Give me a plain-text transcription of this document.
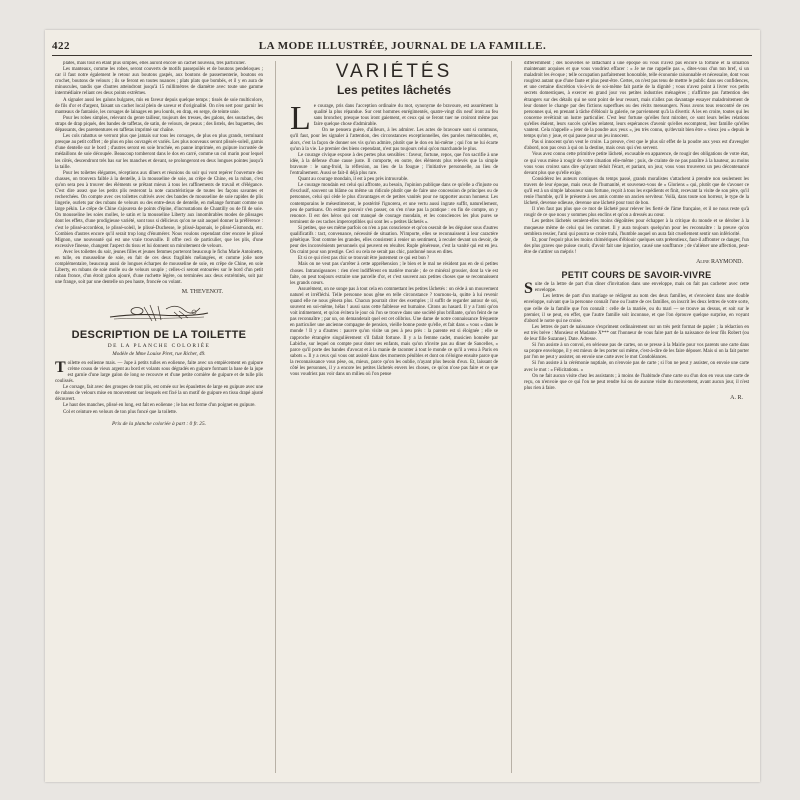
422	LA MODE ILLUSTRÉE, JOURNAL DE LA FAMILLE.

plates, mais tout en étant plus simples, elles auront encore un cachet nouveau, très particulier.

Les manteaux, comme les robes, seront couverts de motifs passepoilés et de boutons pendeloques ; car il faut notre également le retour aux boutons gaspés, aux boutons de passementerie, boutons en crochet, boutons de velours ; ils se feront en toutes nuances ; plats plats que bombés, et il y en aura de minuscules, tandis que d'autres atteindront jusqu'à 15 millimètres de diamètre avec toute une gamme intermédiaire reliant ces deux points extrêmes.

A signaler aussi les galons bulgares, mis en faveur depuis quelque temps ; tissés de soie multicolore, de fils d'or et d'argent, faisant un cachet local plein de saveur et d'originalité. On n'en sert pour garnir les manteaux de fantaisie, les corsages de lainages en peu lourds, en drap, en serge, de teinte unie.

Pour les robes simples, relevant du genre tailleur, toujours des tresses, des galons, des soutaches, des straps de drap piqués, des bandes de taffetas, de satin, de velours, de peaux ; des listels, des baguettes, des dépassants, des parementures en taffetas imprimé sur chaîne.

Les cols rabattus se verront plus que jamais sur tous les corsages, de plus en plus grands, terminant presque au petit coffret ; de plus en plus ouvragés et variés. Les plus nouveaux seront plissés-soleil, garnis d'une dentelle sur le bord ; d'autres seront en soie brochée, en panne imprimée, en guipure incrustée de médaillons de soie découpée. Beaucoup tomberont dans le dos en carré, comme un col marin pour lequel les côtés, descendront très bas sur les manches et devant, se prolongeront en deux longues pointes jusqu'à la taille.

Pour les toilettes élégantes, réceptions aux dîners et réunions du soir qui vont repérer l'ouverture des chasses, on trouvera faible à la dentelle, à la mousseline de soie, au crêpe de Chine, en la ruban, c'est qu'on sera peu à trouver des éléments se prêtant mieux à tous les raffinements de travail et d'élégance. C'est dire assez que les petits plis resteront la note caractéristique de toutes les façons savantes et recherchées. On compte avec ces toilettes cultivés avec des bandes de mousseline de soie rapides de plis lingerie, ourlets par des rubans de velours ou des entre-deux de dentelle, en mélange formant comme un large pékin. Le crêpe de Chine s'ajourera de points d'épine, d'incrustations de Chantilly ou de fil de soie. On mousseline les soies molles, le satin et la mousseline Liberty aux innombrables modes de plissages dont les effets, d'une prodigieuse variété, sont tous si délicieux qu'on ne sait auquel donner la préférence : c'est le plissé-accordéon, le plissé-soleil, le plissé-Duchesse, le plissé-Japonais, le plissé-Gismonda, etc. Combien d'autres encore qu'il serait trop long d'énumérer. Nous voulons cependant citer encore le plissé Mignon, une nouveauté qui est une vraie trouvaille. Il offre ceci de particulier, que les plis, d'une excessive finesse, changent l'aspect du tissu et lui donnent un miroitement de velours.

Avec les toilettes du soir, jeunes filles et jeunes femmes porteront beaucoup le fichu Marie Antoinette, en tulle, en mousseline de soie, en fait de ces deux fragilités mélangées, et comme jolie note complémentaire, beaucoup aussi de longues écharpes de mousseline de soie, en crêpe de Chine, en soie Liberty, en rubans de soie molle ou de velours souple ; celles-ci seront entourées sur le bord d'un petit ruban fronce, d'un étroit galon ajouré, d'une ruchette légère, ou terminées aux deux extrémités, soit par une frange, soit par une dentelle un peu haute, froncée ou volant.

M. THEVENOT.
DESCRIPTION DE LA TOILETTE
DE LA PLANCHE COLORIÉE
Modèle de Mme Louise Piret, rue Richer, 49.
T oilette en eolienne mais. — Jupe à petits tulles en eolienne, faite avec un empiècement en guipure crème cousu de vieux argent au bord et volants sous dégradés en guipure formant la base de la jupe est garnie d'une large galon de long se recouvre et d'une petite cornière de guipure et de tulle plis coulissés.

Le corsage, fait avec des groupes de tout plis, est ornée sur les épaulettes de large en guipure avec une de rubans de velours mise en mouvement sur lesquels est fixé la un motif de guipure en tissu drapé ajusté découvert.

Le haut des manches, plissé en long, est fait en eolienne ; le bas est forme d'un poignet en guipure.

Col et ceinture en velours de ton plus foncé que la toilette.

Prix de la planche coloriée à part : 0 fr. 25.
VARIÉTÉS
Les petites lâchetés
L e courage, pris dans l'acception ordinaire du mot, synonyme de bravoure, est assurément la qualité la plus répandue. Sur cent hommes enrégimentés, quatre-vingt dix neuf iront au feu sans broncher, presque tous iront gaiement, et ceux qui se feront tuer ne croiront même pas faire quelque chose d'admirable.

On ne pensera guère, d'ailleurs, à les admirer. Les actes de bravoure sont si communs, qu'il faut, pour les signaler à l'attention, des circonstances exceptionnelles, des paroles mémorables, et, alors, c'est la façon de donner ses vis qu'on admire, plutôt que le don en lui-même ; qui l'on ne lui écarte qu'un à la vie. Le premier des biens cependant, n'est pas toujours celui qu'on marchande le plus.

Le courage civique expose à des pertes plus sensibles : faveur, fortune, repos, que l'on sacrifie à une idée, à la défense d'une cause juste. Il comporte, en outre, des éléments plus relevés que la simple bravoure : le sang-froid, la réflexion, au lieu de la fougue ; l'initiative personnelle, au lieu de l'entraînement. Aussi se fait-il déjà plus rare.

Quant au courage mondain, il est à peu près introuvable.

Le courage mondain est celui qui affronte, au besoin, l'opinion publique dans ce qu'elle a d'injuste ou d'exclusif, souvent un blâme ou même un ridicule plutôt que de faire une concession de principes ou de personnes, celui qui cède le plus d'avantages et de petites vanités pour ne rapporter aucun honneur. Les contemporains le mésestimeront, le postérité l'ignorera, et une vertu aussi ingrate suffit, naturellement, peu de partisans. On estime pouvoir s'en passer, on s'en n'use pas la pratique : en fin de compte, on y renonce. Il est des héros qui ont manqué de courage mondain, et les consciences les plus pures se terminent de ces taches imperceptibles qui sont les « petites lâchetés ».

Si petites, que ses même parfois on n'en a pas conscience et qu'on oserait de les déguiser sous d'autres qualificatifs : tact, convenance, nécessité de situation. N'importe, elles se reconnaissent à leur caractère génétique. Tout comme les grandes, elles consistent à renier un sentiment, à reculer devant un devoir, de peur des inconvénients personnels qui peuvent en résulter. Ruple généreuse, c'est la vanité qui est en jeu. On craint pour son prestige. Ceci ou cela ne serait pas chic, pardonné nous en dites.

Et si ce qui n'est pas chic se trouvait être justement ce qui est bon ?

Mais on ne veut pas s'arrêter à cette appréhension ; le bien et le mal ne résident pas en de si petites choses. Intransigeances : rien n'est indifférent en matière morale ; de ce minéral grossier, dont la vie est faite, on peut toujours extraire une parcelle d'or, et c'est souvent aux petites choses que se reconnaissent les grands cœurs.

Assurément, on ne songe pas à tout cela en commettant les petites lâchetés : on cède à un mouvement naturel et irréfléchi. Telle personne nous gêne en telle circonstance ? tournons-la, quitte à lui revenir quand elle ne nous gênera plus. Chacun pourrait citer des exemples ; il suffit de regarder autour de soi, souvent en soi-même, hélas ! aussi sans cette faiblesse est humaine. Citons au hasard. Il y a l'ami qu'on voit intimement, et qu'on évitera le jour où l'on se trouve dans une société plus brillante, qu'on feint de ne pas reconnaître ; par un, on demanderait quel est cet olibrius. Une dame de notre connaissance fréquente en particulier une ancienne compagne de pension, vieille bonne poste qu'elle, et fait dans « vous » dans le monde ! Il y a d'autres : pauvre qu'on visite un peu à peu près : la parente est si éloignée ; elle se rapproche étrangère singulièrement s'il fallait fortune. Il y a la femme cadet, musicien honnête par Labiche, sur lequel on compte pour doter ses enfants, mais qu'on n'invite pas au diner de Sancelles, « parce qu'il porte des bandes d'avocat et à la manie de raconter à tout le monde ce qu'il a venu à Paris en sabots ». Il y a ceux qui vous ont assisté dans des moments pénibles et dont on s'éloigne ensuite parce que la reconnaissance vous pèse, ou, mieux, parce qu'on les oublie, n'ayant plus besoin d'eux. Et, laissant de côté les personnes, il y a encore les petites lâchetés envers les choses, ce qu'on n'ose pas faire et ce que vous voudriez pas voir dans un milieu où l'on pense

différemment ; des nouvelles se rattachant à une époque où vous n'avez pas encore la fortune et la situation maintenant acquises et que vous voudriez effacer : « Je ne me rappelle pas », dites-vous d'un ton bref, si un maladroit les évoque ; telle occupation parfaitement honorable, telle économie raisonnable et nécessaire, dont vous rougirez autant que d'une faute et plus peut-être. Certes, on n'est pas tenu de mettre le public dans ses confidences, et une certaine discrétion vis-à-vis de soi-même fait partie de la dignité ; vous n'avez point à livrer vos petits secrets domestiques, à exercer en grand jour vos petites industries ménagères ; n'affirme pas l'attention des étrangers sur des détails qui ne sont point de leur ressort, mais n'allez pas davantage essayer maladroitement de leur donner le change par des fictions superflues ou des récits mensongers. Nous avons tous rencontré de ces personnes qui, en prenant à tâche d'éblouir la galerie, ne parviennent qu'à la divertir. A les en croire, toutes qui les concerne revêtirait un lustre particulier. C'est leur fortune qu'elles font miroiter, ce sont leurs belles relations qu'elles étalent, leurs succès qu'elles relatent, leurs espérances d'avenir qu'elles escomptent, leur famille qu'elles vantent. Cela n'appelle « jeter de la poudre aux yeux », jeu très connu, qu'devrait bien être « vieux jeu » depuis le temps qu'on y joue, et qui passe pour un jeu innocent.

Pas si innocent qu'on veut le croire. La preuve, c'est que le plus sûr effet de la poudre aux yeux est d'aveugler d'abord, non pas ceux à qui on la destine, mais ceux qui s'en servent.

Vous avez connu cette primitive petite lâcheté, excusable en apparence, de rougir des obligations de votre état, ce qui vous mène à rougir de votre situation elle-même ; puis, de crainte de ne pas paraître à la hauteur, au moins vous vous croirez sans dire qu'ayant réduit l'écart, et pariant, un jour, vous vous trouverez un peu décontenancé devant plus que qu'elle exige.

Considérez les auteurs comiques du temps passé, grands moralistes s'attachent à prendre non seulement les travers de leur époque, mais ceux de l'humanité, et souvenez-vous de « Gloriens » qui, plutôt que de s'avouer ce qu'il est à un simple laboureur sans fortune, reçoit à tous les expédients et finit, recevant la visite de son père, qu'il renie l'humble, qu'il le présente à ses amis comme un ancien serviteur. Voilà, dans toute son horreur, le type de la lâcheté, devenue odieuse, devenue une lâcheté pour tout de bon.

Il n'en faut pas plus que ce mot de lâcheté pour relever les fierté de l'âme française, et il ne nous reste qu'à rougir de ce que nous y sommes plus enclins et qu'on a dressés au cœur.

Les petites lâchetés seraient-elles moins dégoûtées pour échapper à la critique du monde et se dérober à la moqueuse même de celui qui les commet. Il y aura toujours quelqu'un pour les reconnaître : la preuve qu'on semblera ressier, l'ami qui pourra se croire trahi, l'humble auquel on aura fait cruellement sentir son infériorité.

Et, pour l'espoir plus les moins chimériques d'éblouir quelques sots prétentieux, faut-il affronter ce danger, l'un des plus graves que puisse courir, d'avoir fait une injustice, causé une souffrance ; de s'aliéner une affection, peut-être de s'attirer un mépris !

Aline RAYMOND.
PETIT COURS DE SAVOIR-VIVRE
S uite de la lettre de part d'un diner d'invitation dans une enveloppe, mais on fait pas cacheter avec cette enveloppe.

Les lettres de part d'un mariage se rédigent au nom des deux familles, et s'envoient dans une double enveloppe, suivant que la personne connaît l'une ou l'autre de ces familles, on inscrit les deux lettres de votre sorte, que celle de la famille que l'on connaît : celle de la mariée, ou du mari — se trouve au dessus, et soit sur le premier, il se peut, en effet, que l'autre famille soit inconnue, et que l'on éprouve quelque surprise, en voyant d'abord le notre qui ne croise.

Les lettres de part de naissance s'expriment ordinairement sur un très petit format de papier ; la rédaction en est très brève : Monsieur et Madame X*** ont l'honneur de vous faire part de la naissance de leur fils Robert (ou de leur fille Suzanne). Date. Adresse.

Si l'on assiste à un convoi, en sérieuse pas de cartes, on se presse à la Mairie pour vos parents une carte dans sa propre enveloppe, il y est mieux de les porter soi même, c'est-à-dire de les faire déposer. Mais si on la fait porter par l'on ne peut y assister, on envoie une carte avec le mot Condoléances.

Si l'on assiste à la cérémonie nuptiale, on n'envoie pas de carte ; si l'on ne peut y assister, on envoie une carte avec le mot : « Félicitations. »

On ne fait aucun visite chez les assistants ; à moins de l'habitude d'une carte ou d'un don en vous une carte de reçu, on n'envoie que ce qui l'on ne peut rendre lui ou de aucune visite du mouvement, avant aucun jour, il n'est plus rien à faire.

A. R.
